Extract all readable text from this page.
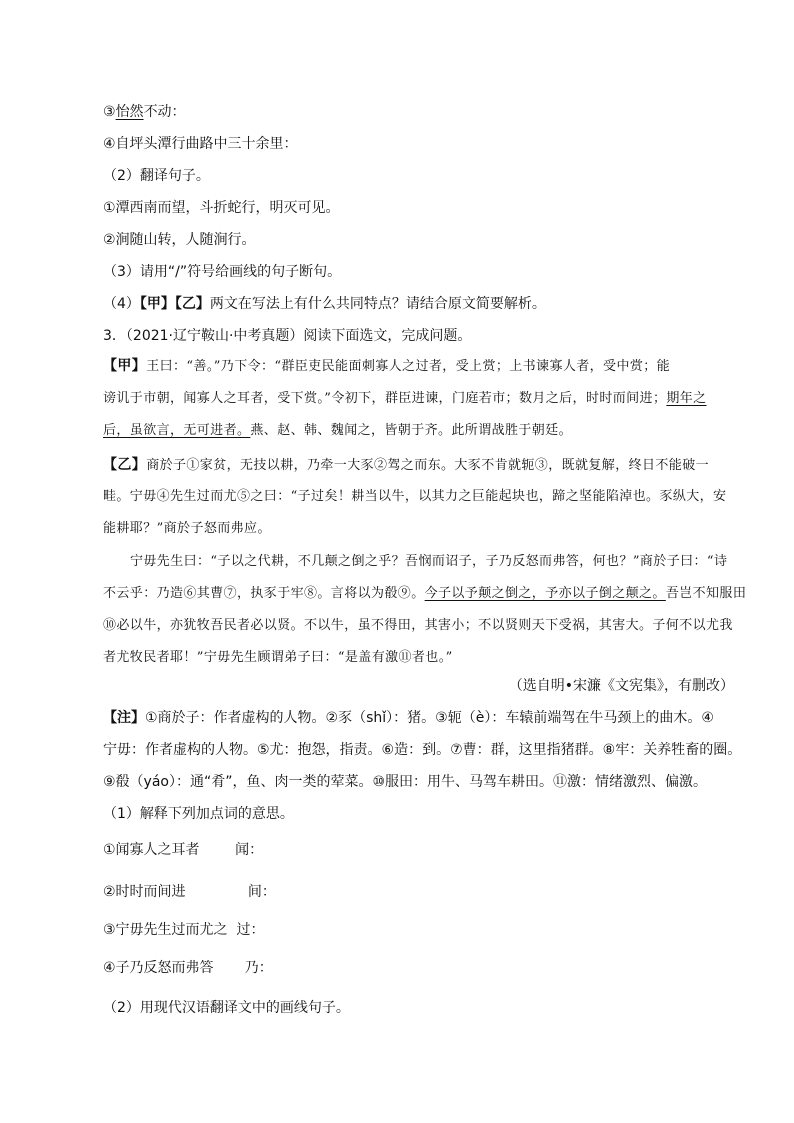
③怡然不动：
④自坪头潭行曲路中三十余里：
（2）翻译句子。
①潭西南而望，斗折蛇行，明灭可见。
②涧随山转，人随涧行。
（3）请用“/”符号给画线的句子断句。
（4）【甲】【乙】两文在写法上有什么共同特点？请结合原文简要解析。
3．（2021·辽宁鞍山·中考真题）阅读下面选文，完成问题。
【甲】王曰：“善。”乃下令：“群臣吏民能面刺寡人之过者，受上赏；上书谏寡人者，受中赏；能
谤讥于市朝，闻寡人之耳者，受下赏。”令初下，群臣进谏，门庭若市；数月之后，时时而间进；期年之
后，虽欲言，无可进者。燕、赵、韩、魏闻之，皆朝于齐。此所谓战胜于朝廷。
【乙】商於子①家贫，无技以耕，乃牵一大豕②驾之而东。大豕不肯就轭③，既就复解，终日不能破一
畦。宁毋④先生过而尤⑤之曰：“子过矣！耕当以牛，以其力之巨能起块也，蹄之坚能陷淖也。豕纵大，安
能耕耶？”商於子怒而弗应。
宁毋先生曰：“子以之代耕，不几颠之倒之乎？吾悯而诏子，子乃反怒而弗答，何也？”商於子曰：“诗
不云乎：乃造⑥其曹⑦，执豕于牢⑧。言将以为殽⑨。今子以予颠之倒之，予亦以子倒之颠之。吾岂不知服田
⑩必以牛，亦犹牧吾民者必以贤。不以牛，虽不得田，其害小；不以贤则天下受祸，其害大。子何不以尤我
者尤牧民者耶！”宁毋先生顾谓弟子曰：“是盖有激⑪者也。”
（选自明•宋濂《文宪集》，有删改）
【注】①商於子：作者虚构的人物。②豕（shǐ）：猪。③轭（è）：车辕前端驾在牛马颈上的曲木。④
宁毋：作者虚构的人物。⑤尤：抱怨，指责。⑥造：到。⑦曹：群，这里指猪群。⑧牢：关养牲畜的圈。
⑨殽（yáo）：通“肴”，鱼、肉一类的荤菜。⑩服田：用牛、马驾车耕田。⑪激：情绪激烈、偏激。
（1）解释下列加点词的意思。
①闻寡人之耳者        闻：
②时时而间进              间：
③宁毋先生过而尤之  过：
④子乃反怒而弗答       乃：
（2）用现代汉语翻译文中的画线句子。
